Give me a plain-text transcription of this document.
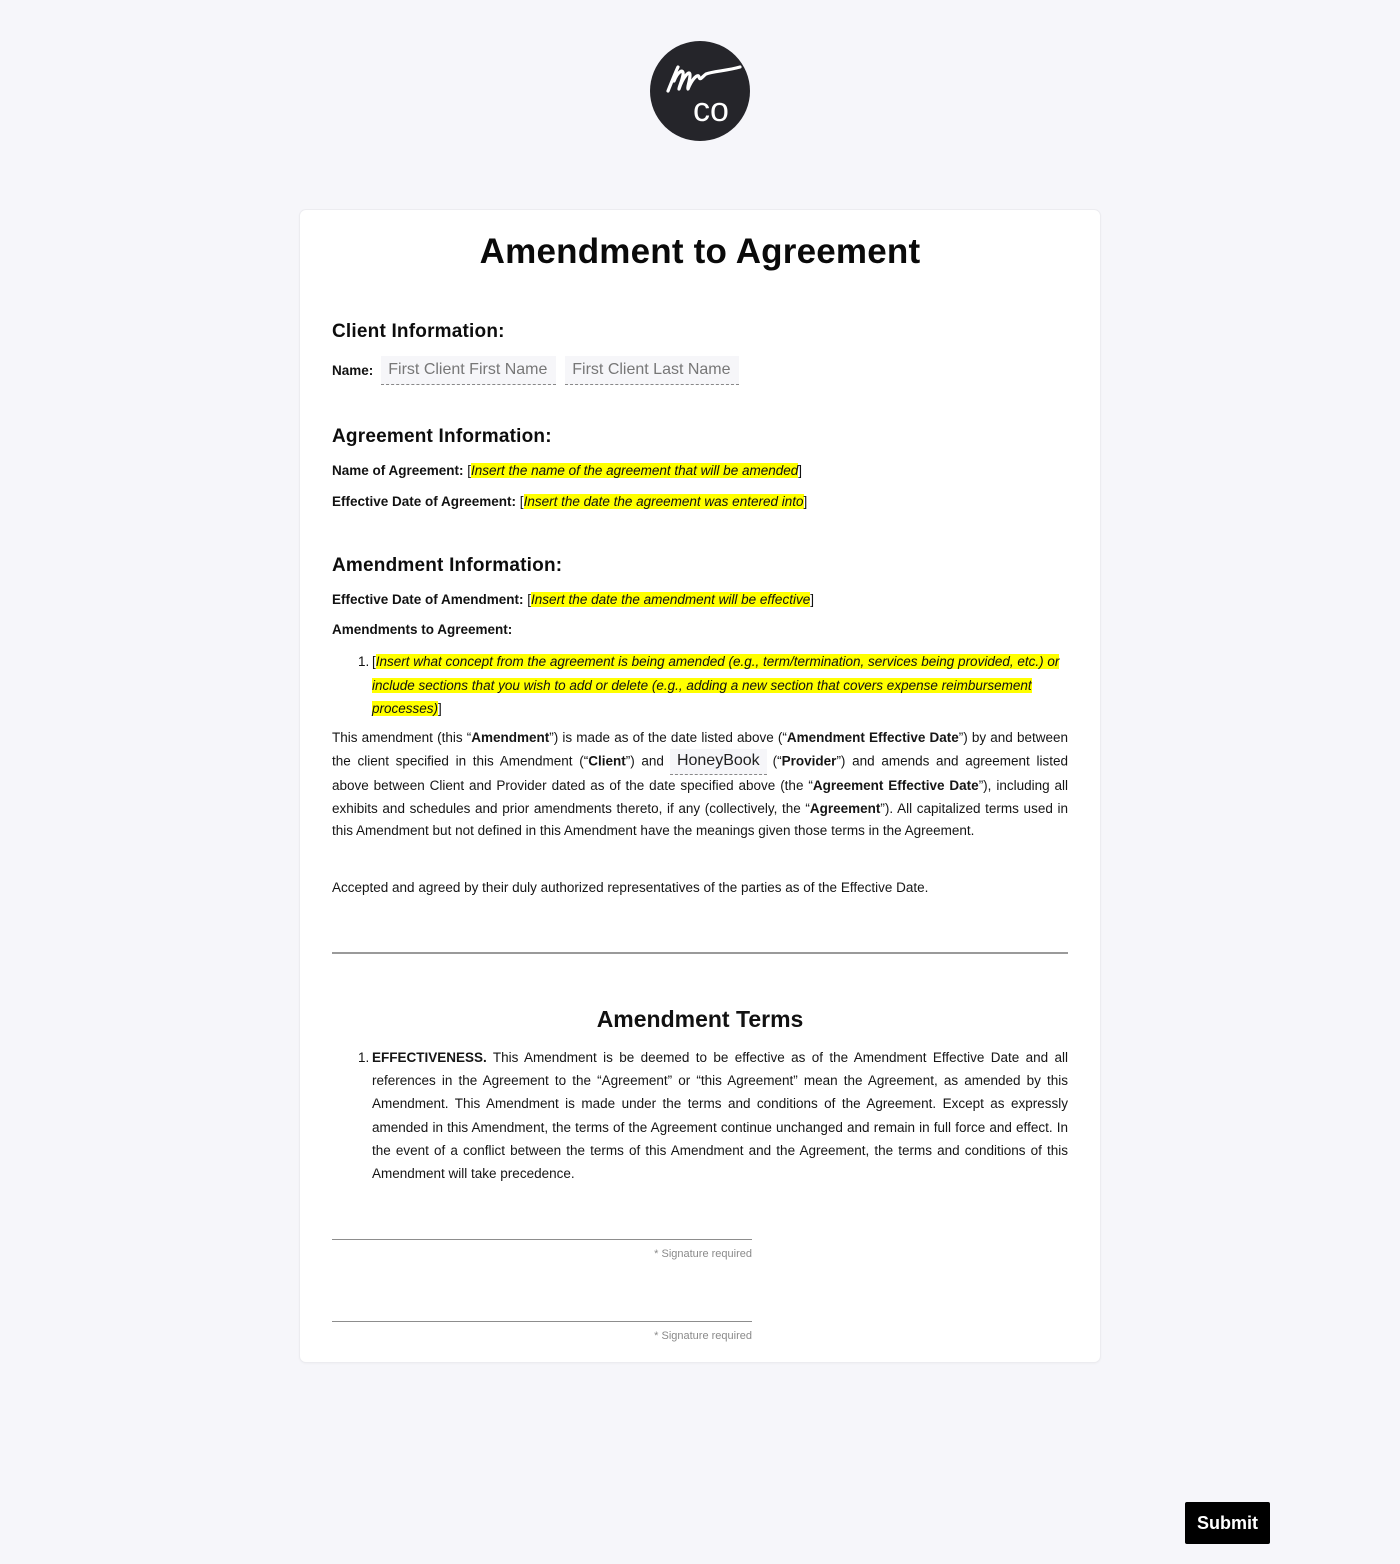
co
Amendment to Agreement
Client Information:
Name: First Client First Name	First Client Last Name
Agreement Information:
Name of Agreement: [Insert the name of the agreement that will be amended]
Effective Date of Agreement: [Insert the date the agreement was entered into]
Amendment Information:
Effective Date of Amendment: [Insert the date the amendment will be effective]
Amendments to Agreement:
1. [Insert what concept from the agreement is being amended (e.g., term/termination, services being provided, etc.) or include sections that you wish to add or delete (e.g., adding a new section that covers expense reimbursement processes)]
This amendment (this “Amendment”) is made as of the date listed above (“Amendment Effective Date”) by and between the client specified in this Amendment (“Client”) and HoneyBook (“Provider”) and amends and agreement listed above between Client and Provider dated as of the date specified above (the “Agreement Effective Date”), including all exhibits and schedules and prior amendments thereto, if any (collectively, the “Agreement”). All capitalized terms used in this Amendment but not defined in this Amendment have the meanings given those terms in the Agreement.
Accepted and agreed by their duly authorized representatives of the parties as of the Effective Date.
Amendment Terms
1. EFFECTIVENESS. This Amendment is be deemed to be effective as of the Amendment Effective Date and all references in the Agreement to the “Agreement” or “this Agreement” mean the Agreement, as amended by this Amendment. This Amendment is made under the terms and conditions of the Agreement. Except as expressly amended in this Amendment, the terms of the Agreement continue unchanged and remain in full force and effect. In the event of a conflict between the terms of this Amendment and the Agreement, the terms and conditions of this Amendment will take precedence.
* Signature required
* Signature required
Submit
